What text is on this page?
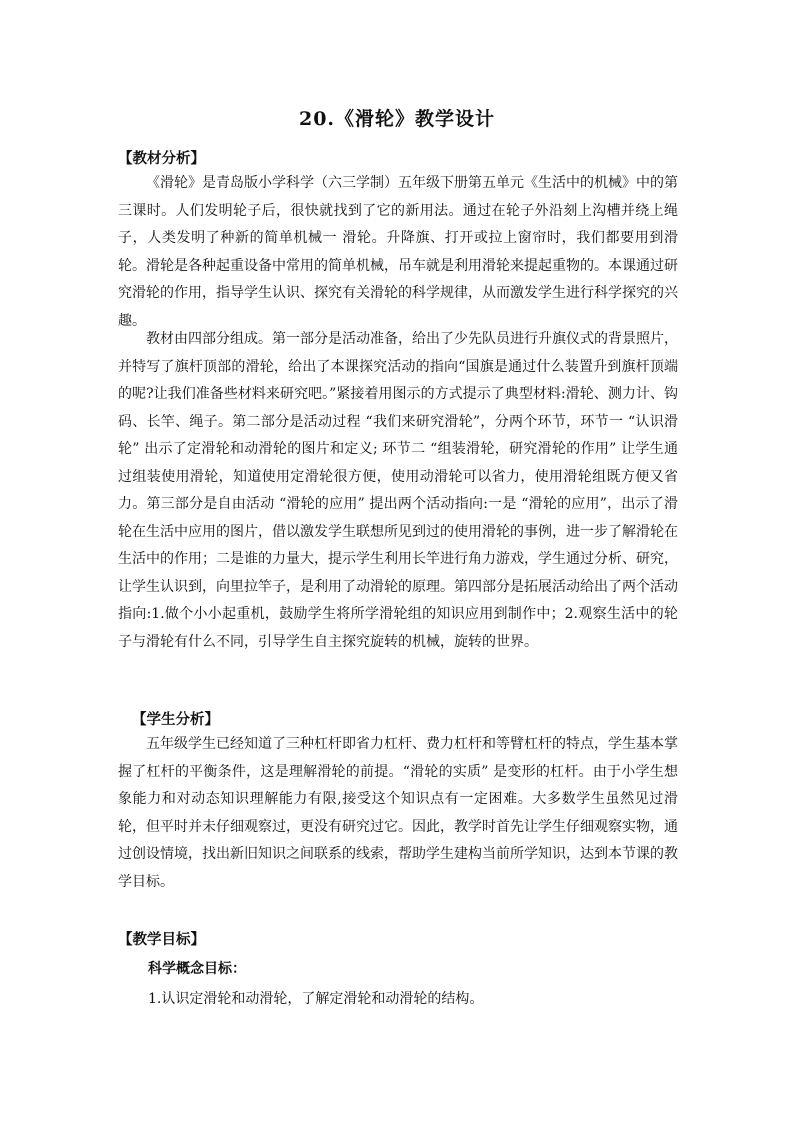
20.《滑轮》教学设计
【教材分析】

《滑轮》是青岛版小学科学（六三学制）五年级下册第五单元《生活中的机械》中的第三课时。人们发明轮子后，很快就找到了它的新用法。通过在轮子外沿刻上沟槽并绕上绳子，人类发明了种新的简单机械一 滑轮。升降旗、打开或拉上窗帘时，我们都要用到滑轮。滑轮是各种起重设备中常用的简单机械，吊车就是利用滑轮来提起重物的。本课通过研究滑轮的作用，指导学生认识、探究有关滑轮的科学规律，从而激发学生进行科学探究的兴趣。

教材由四部分组成。第一部分是活动准备，给出了少先队员进行升旗仪式的背景照片，并特写了旗杆顶部的滑轮，给出了本课探究活动的指向“国旗是通过什么装置升到旗杆顶端的呢?让我们准备些材料来研究吧。”紧接着用图示的方式提示了典型材料:滑轮、测力计、钩码、长竿、绳子。第二部分是活动过程 “我们来研究滑轮”，分两个环节，环节一 “认识滑轮” 出示了定滑轮和动滑轮的图片和定义; 环节二 “组装滑轮，研究滑轮的作用” 让学生通过组装使用滑轮，知道使用定滑轮很方便，使用动滑轮可以省力，使用滑轮组既方便又省力。第三部分是自由活动 “滑轮的应用” 提出两个活动指向:一是 “滑轮的应用”，出示了滑轮在生活中应用的图片，借以激发学生联想所见到过的使用滑轮的事例，进一步了解滑轮在生活中的作用；二是谁的力量大，提示学生利用长竿进行角力游戏，学生通过分析、研究，让学生认识到，向里拉竿子，是利用了动滑轮的原理。第四部分是拓展活动给出了两个活动指向:1.做个小小起重机，鼓励学生将所学滑轮组的知识应用到制作中；2.观察生活中的轮子与滑轮有什么不同，引导学生自主探究旋转的机械，旋转的世界。

【学生分析】

五年级学生已经知道了三种杠杆即省力杠杆、费力杠杆和等臂杠杆的特点，学生基本掌握了杠杆的平衡条件，这是理解滑轮的前提。“滑轮的实质” 是变形的杠杆。由于小学生想象能力和对动态知识理解能力有限,接受这个知识点有一定困难。大多数学生虽然见过滑轮，但平时并未仔细观察过，更没有研究过它。因此，教学时首先让学生仔细观察实物，通过创设情境，找出新旧知识之间联系的线索，帮助学生建构当前所学知识，达到本节课的教学目标。

【教学目标】
科学概念目标：
1.认识定滑轮和动滑轮，了解定滑轮和动滑轮的结构。
